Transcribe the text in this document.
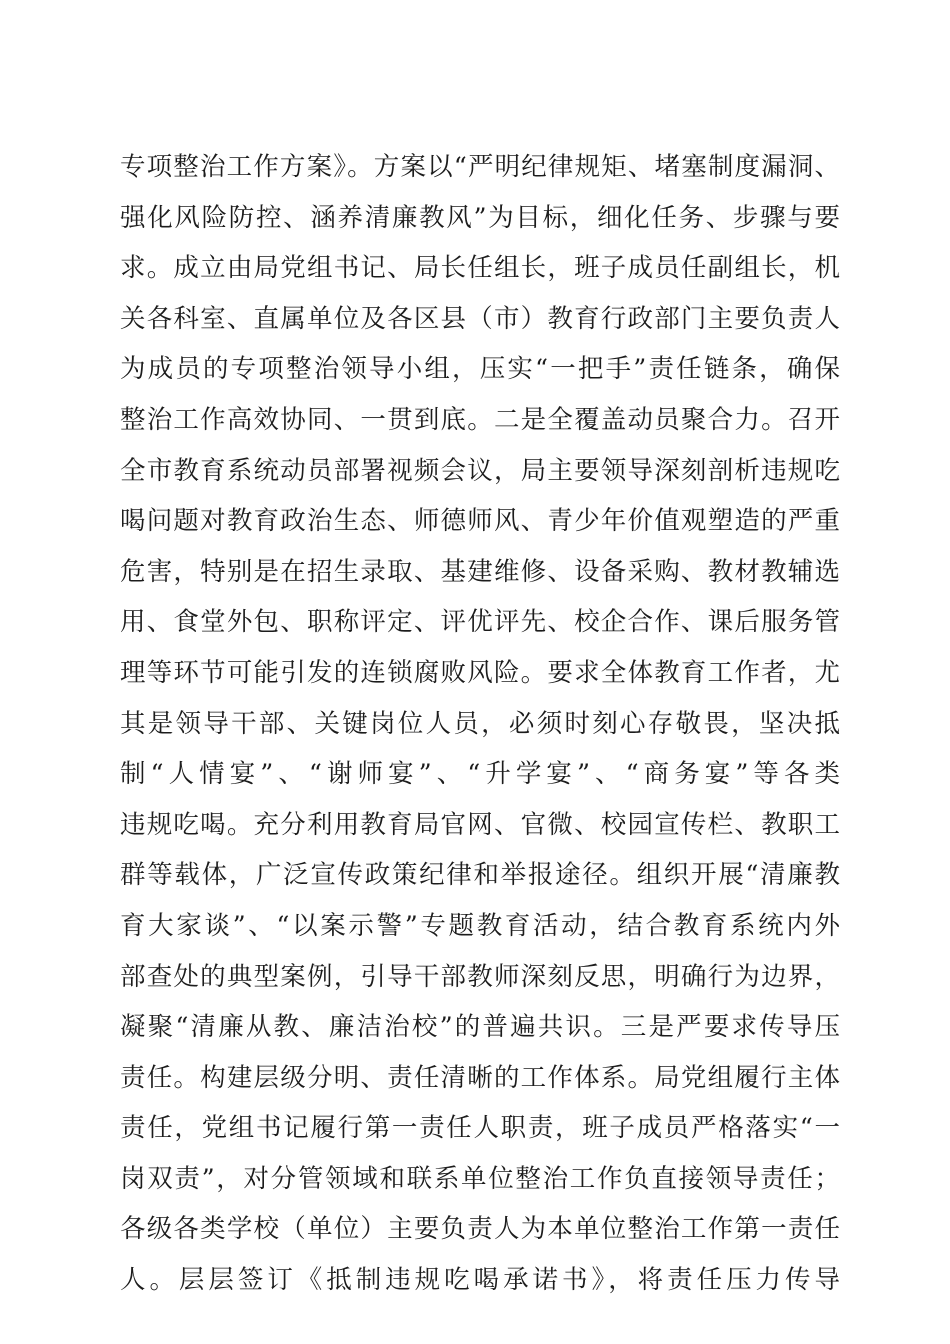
专项整治工作方案》。方案以“严明纪律规矩、堵塞制度漏洞、
强化风险防控、涵养清廉教风”为目标，细化任务、步骤与要
求。成立由局党组书记、局长任组长，班子成员任副组长，机
关各科室、直属单位及各区县（市）教育行政部门主要负责人
为成员的专项整治领导小组，压实“一把手”责任链条，确保
整治工作高效协同、一贯到底。二是全覆盖动员聚合力。召开
全市教育系统动员部署视频会议，局主要领导深刻剖析违规吃
喝问题对教育政治生态、师德师风、青少年价值观塑造的严重
危害，特别是在招生录取、基建维修、设备采购、教材教辅选
用、食堂外包、职称评定、评优评先、校企合作、课后服务管
理等环节可能引发的连锁腐败风险。要求全体教育工作者，尤
其是领导干部、关键岗位人员，必须时刻心存敬畏，坚决抵
制“人情宴”、“谢师宴”、“升学宴”、“商务宴”等各类
违规吃喝。充分利用教育局官网、官微、校园宣传栏、教职工
群等载体，广泛宣传政策纪律和举报途径。组织开展“清廉教
育大家谈”、“以案示警”专题教育活动，结合教育系统内外
部查处的典型案例，引导干部教师深刻反思，明确行为边界，
凝聚“清廉从教、廉洁治校”的普遍共识。三是严要求传导压
责任。构建层级分明、责任清晰的工作体系。局党组履行主体
责任，党组书记履行第一责任人职责，班子成员严格落实“一
岗双责”，对分管领域和联系单位整治工作负直接领导责任；
各级各类学校（单位）主要负责人为本单位整治工作第一责任
人。层层签订《抵制违规吃喝承诺书》，将责任压力传导
